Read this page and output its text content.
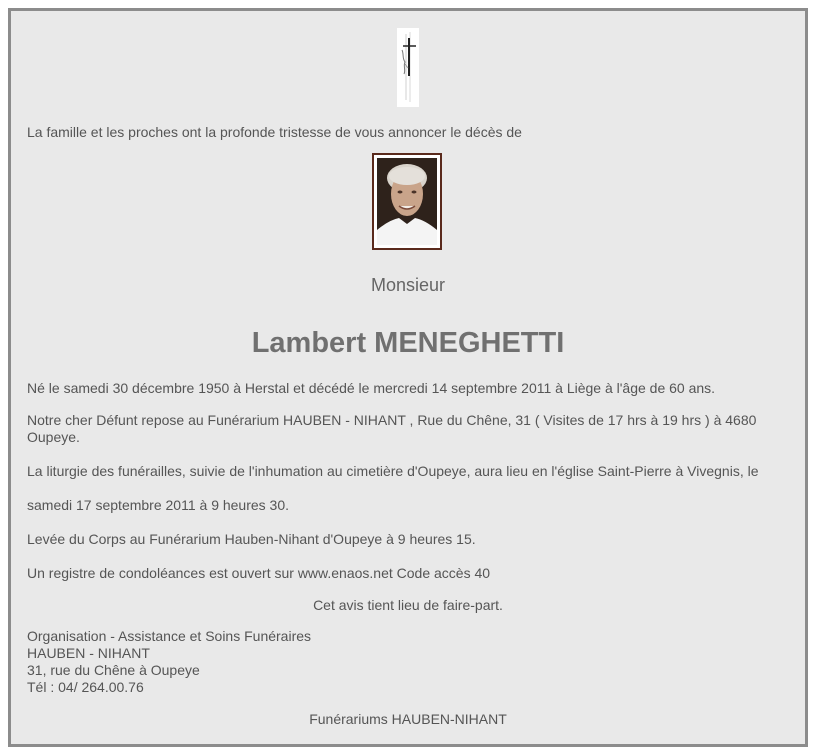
La famille et les proches ont la profonde tristesse de vous annoncer le décès de

Monsieur
Lambert MENEGHETTI

Né le samedi 30 décembre 1950 à Herstal et décédé le mercredi 14 septembre 2011 à Liège à l'âge de 60 ans.

Notre cher Défunt repose au Funérarium HAUBEN - NIHANT , Rue du Chêne, 31 ( Visites de 17 hrs à 19 hrs ) à 4680

Oupeye.

La liturgie des funérailles, suivie de l'inhumation au cimetière d'Oupeye, aura lieu en l'église Saint-Pierre à Vivegnis, le

samedi 17 septembre 2011 à 9 heures 30.

Levée du Corps au Funérarium Hauben-Nihant d'Oupeye à 9 heures 15.

Un registre de condoléances est ouvert sur www.enaos.net Code accès 40

Cet avis tient lieu de faire-part.

Organisation - Assistance et Soins Funéraires

HAUBEN - NIHANT

31, rue du Chêne à Oupeye

Tél : 04/ 264.00.76

Funérariums HAUBEN-NIHANT
